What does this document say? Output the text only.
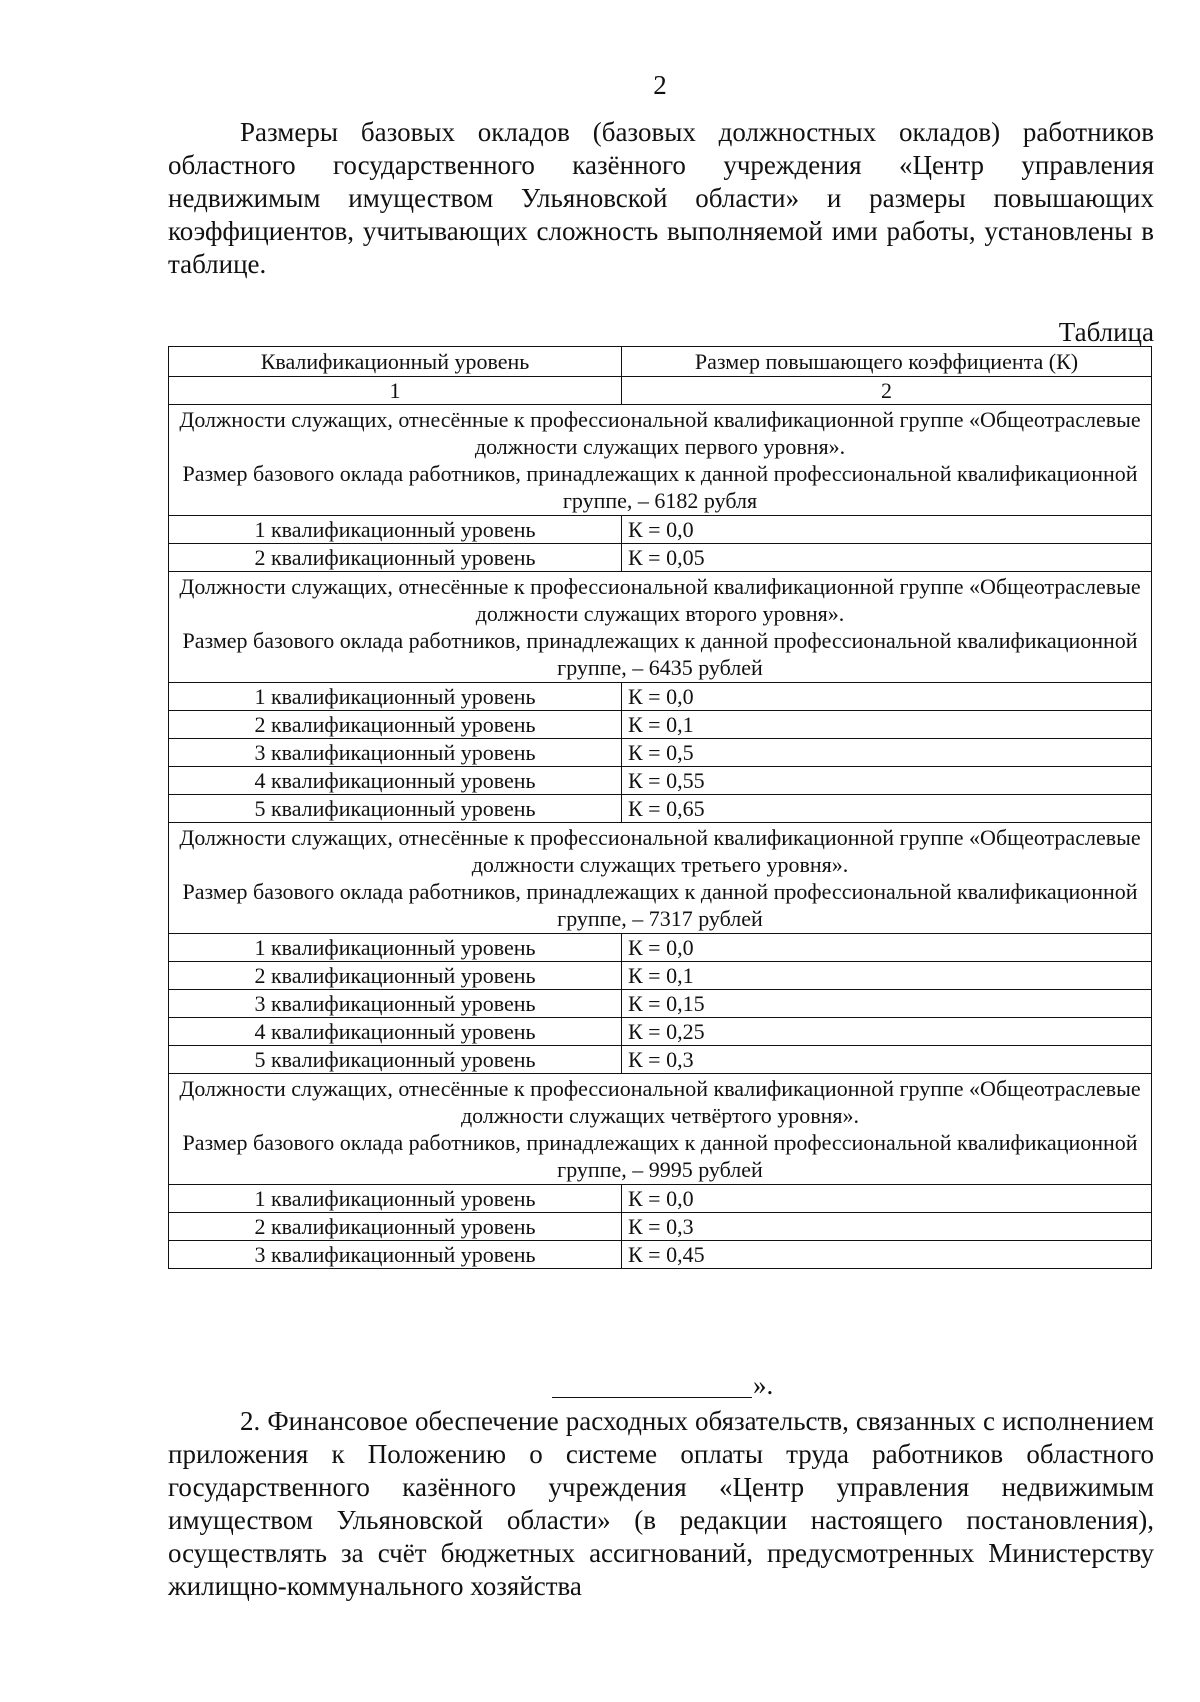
2
Размеры базовых окладов (базовых должностных окладов) работников областного государственного казённого учреждения «Центр управления недвижимым имуществом Ульяновской области» и размеры повышающих коэффициентов, учитывающих сложность выполняемой ими работы, установлены в таблице.
Таблица
Квалификационный уровень	Размер повышающего коэффициента (К)
1	2

Должности служащих, отнесённые к профессиональной квалификационной группе «Общеотраслевые должности служащих первого уровня».
Размер базового оклада работников, принадлежащих к данной профессиональной квалификационной группе, – 6182 рубля	

1 квалификационный уровень	К = 0,0
2 квалификационный уровень	К = 0,05

Должности служащих, отнесённые к профессиональной квалификационной группе «Общеотраслевые должности служащих второго уровня».
Размер базового оклада работников, принадлежащих к данной профессиональной квалификационной группе, – 6435 рублей	

1 квалификационный уровень	К = 0,0
2 квалификационный уровень	К = 0,1
3 квалификационный уровень	К = 0,5
4 квалификационный уровень	К = 0,55
5 квалификационный уровень	К = 0,65

Должности служащих, отнесённые к профессиональной квалификационной группе «Общеотраслевые должности служащих третьего уровня».
Размер базового оклада работников, принадлежащих к данной профессиональной квалификационной группе, – 7317 рублей	

1 квалификационный уровень	К = 0,0
2 квалификационный уровень	К = 0,1
3 квалификационный уровень	К = 0,15
4 квалификационный уровень	К = 0,25
5 квалификационный уровень	К = 0,3

Должности служащих, отнесённые к профессиональной квалификационной группе «Общеотраслевые должности служащих четвёртого уровня».
Размер базового оклада работников, принадлежащих к данной профессиональной квалификационной группе, – 9995 рублей	

1 квалификационный уровень	К = 0,0
2 квалификационный уровень	К = 0,3
3 квалификационный уровень	К = 0,45
».
2. Финансовое обеспечение расходных обязательств, связанных с исполнением приложения к Положению о системе оплаты труда работников областного государственного казённого учреждения «Центр управления недвижимым имуществом Ульяновской области» (в редакции настоящего постановления), осуществлять за счёт бюджетных ассигнований, предусмотренных Министерству жилищно-коммунального хозяйства
